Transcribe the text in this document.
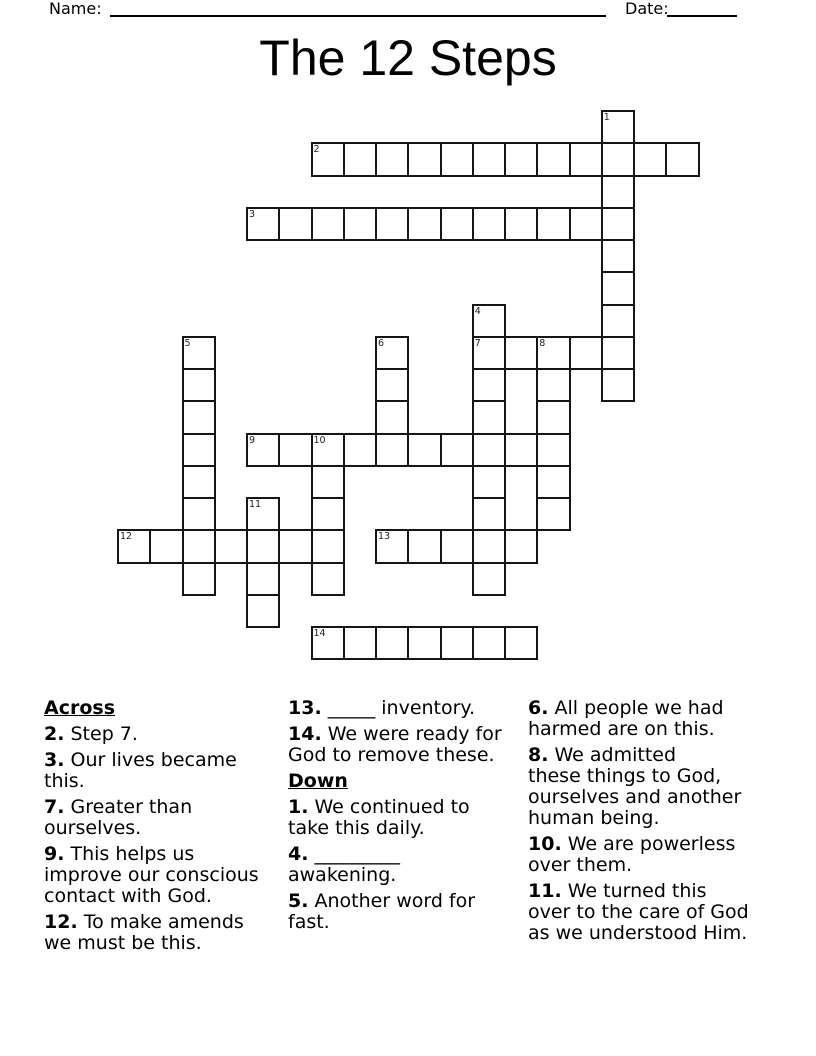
Name:	Date:
The 12 Steps
2
3
7	8
9	10
12	13
14
1
4
5	6
11
Across
2. Step 7.
3. Our lives became
this.
7. Greater than
ourselves.
9. This helps us
improve our conscious
contact with God.
12. To make amends
we must be this.
13. _____ inventory.
14. We were ready for
God to remove these.
Down
1. We continued to
take this daily.
4. _________
awakening.
5. Another word for
fast.
6. All people we had
harmed are on this.
8. We admitted
these things to God,
ourselves and another
human being.
10. We are powerless
over them.
11. We turned this
over to the care of God
as we understood Him.
